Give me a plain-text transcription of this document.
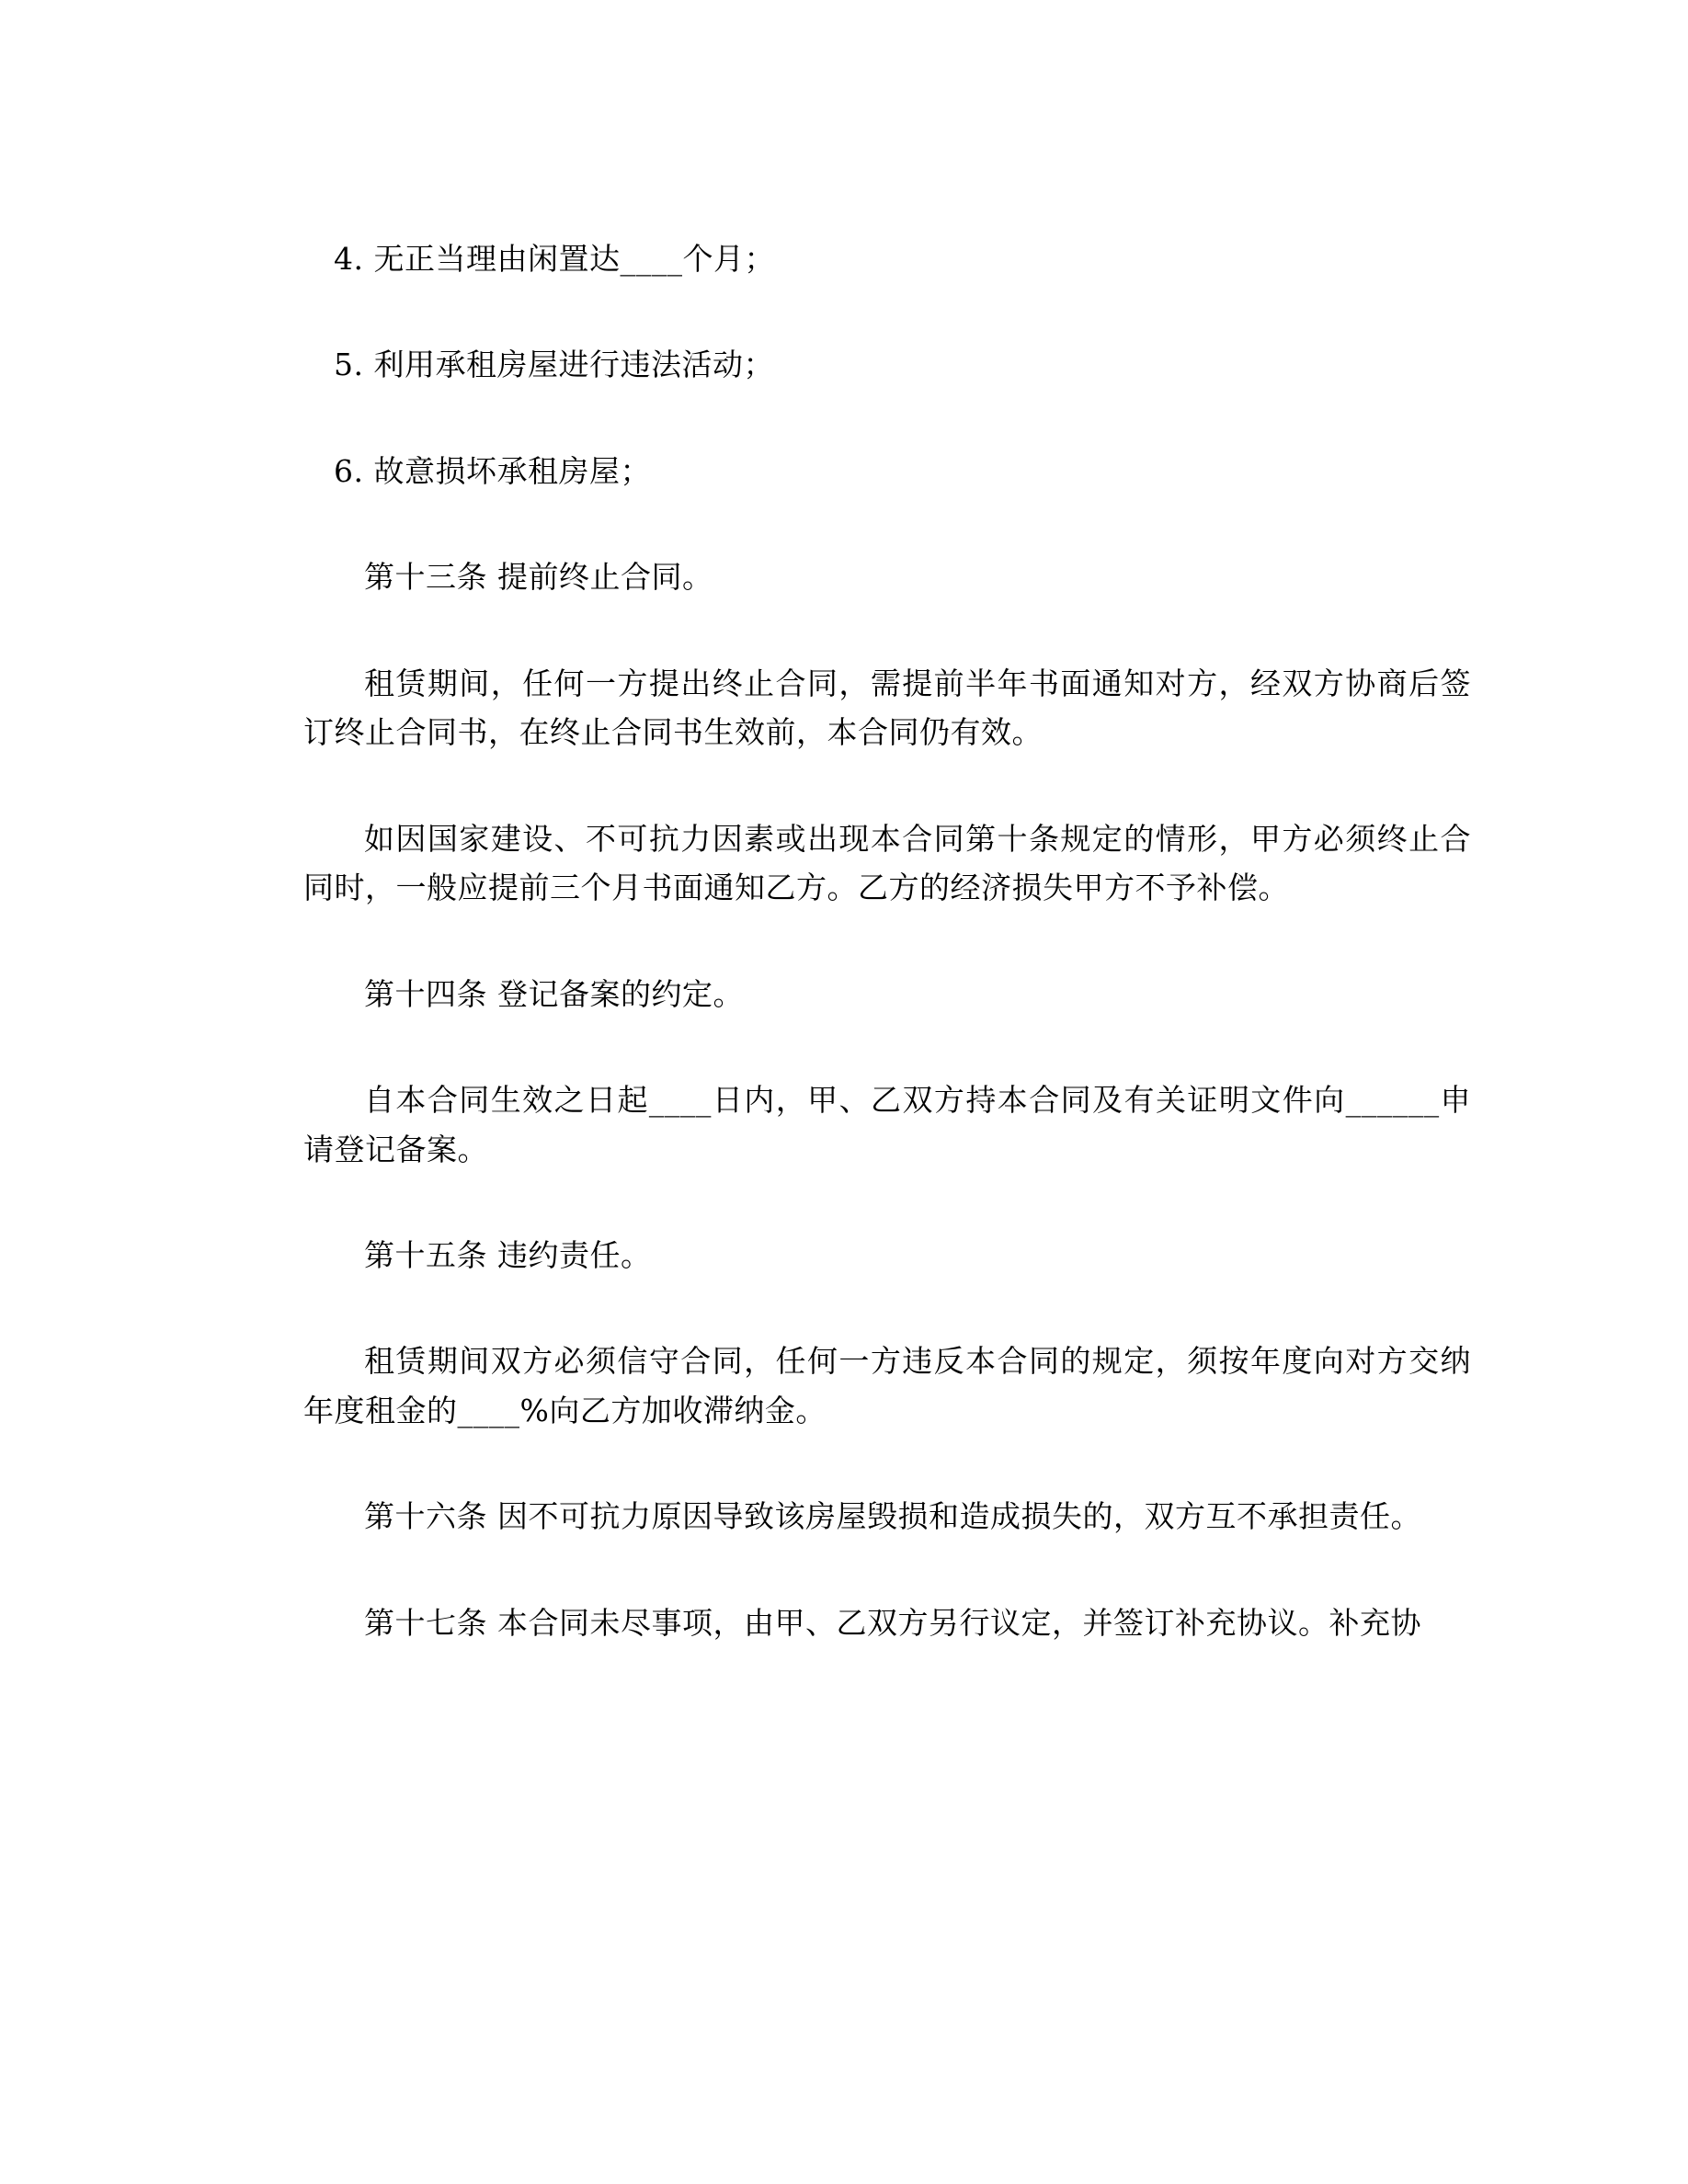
4. 无正当理由闲置达____个月；

5. 利用承租房屋进行违法活动；

6. 故意损坏承租房屋；

第十三条 提前终止合同。

租赁期间，任何一方提出终止合同，需提前半年书面通知对方，经双方协商后签订终止合同书，在终止合同书生效前，本合同仍有效。

如因国家建设、不可抗力因素或出现本合同第十条规定的情形，甲方必须终止合同时，一般应提前三个月书面通知乙方。乙方的经济损失甲方不予补偿。

第十四条 登记备案的约定。

自本合同生效之日起____日内，甲、乙双方持本合同及有关证明文件向______申请登记备案。

第十五条 违约责任。

租赁期间双方必须信守合同，任何一方违反本合同的规定，须按年度向对方交纳年度租金的____%向乙方加收滞纳金。

第十六条 因不可抗力原因导致该房屋毁损和造成损失的，双方互不承担责任。

第十七条 本合同未尽事项，由甲、乙双方另行议定，并签订补充协议。补充协
